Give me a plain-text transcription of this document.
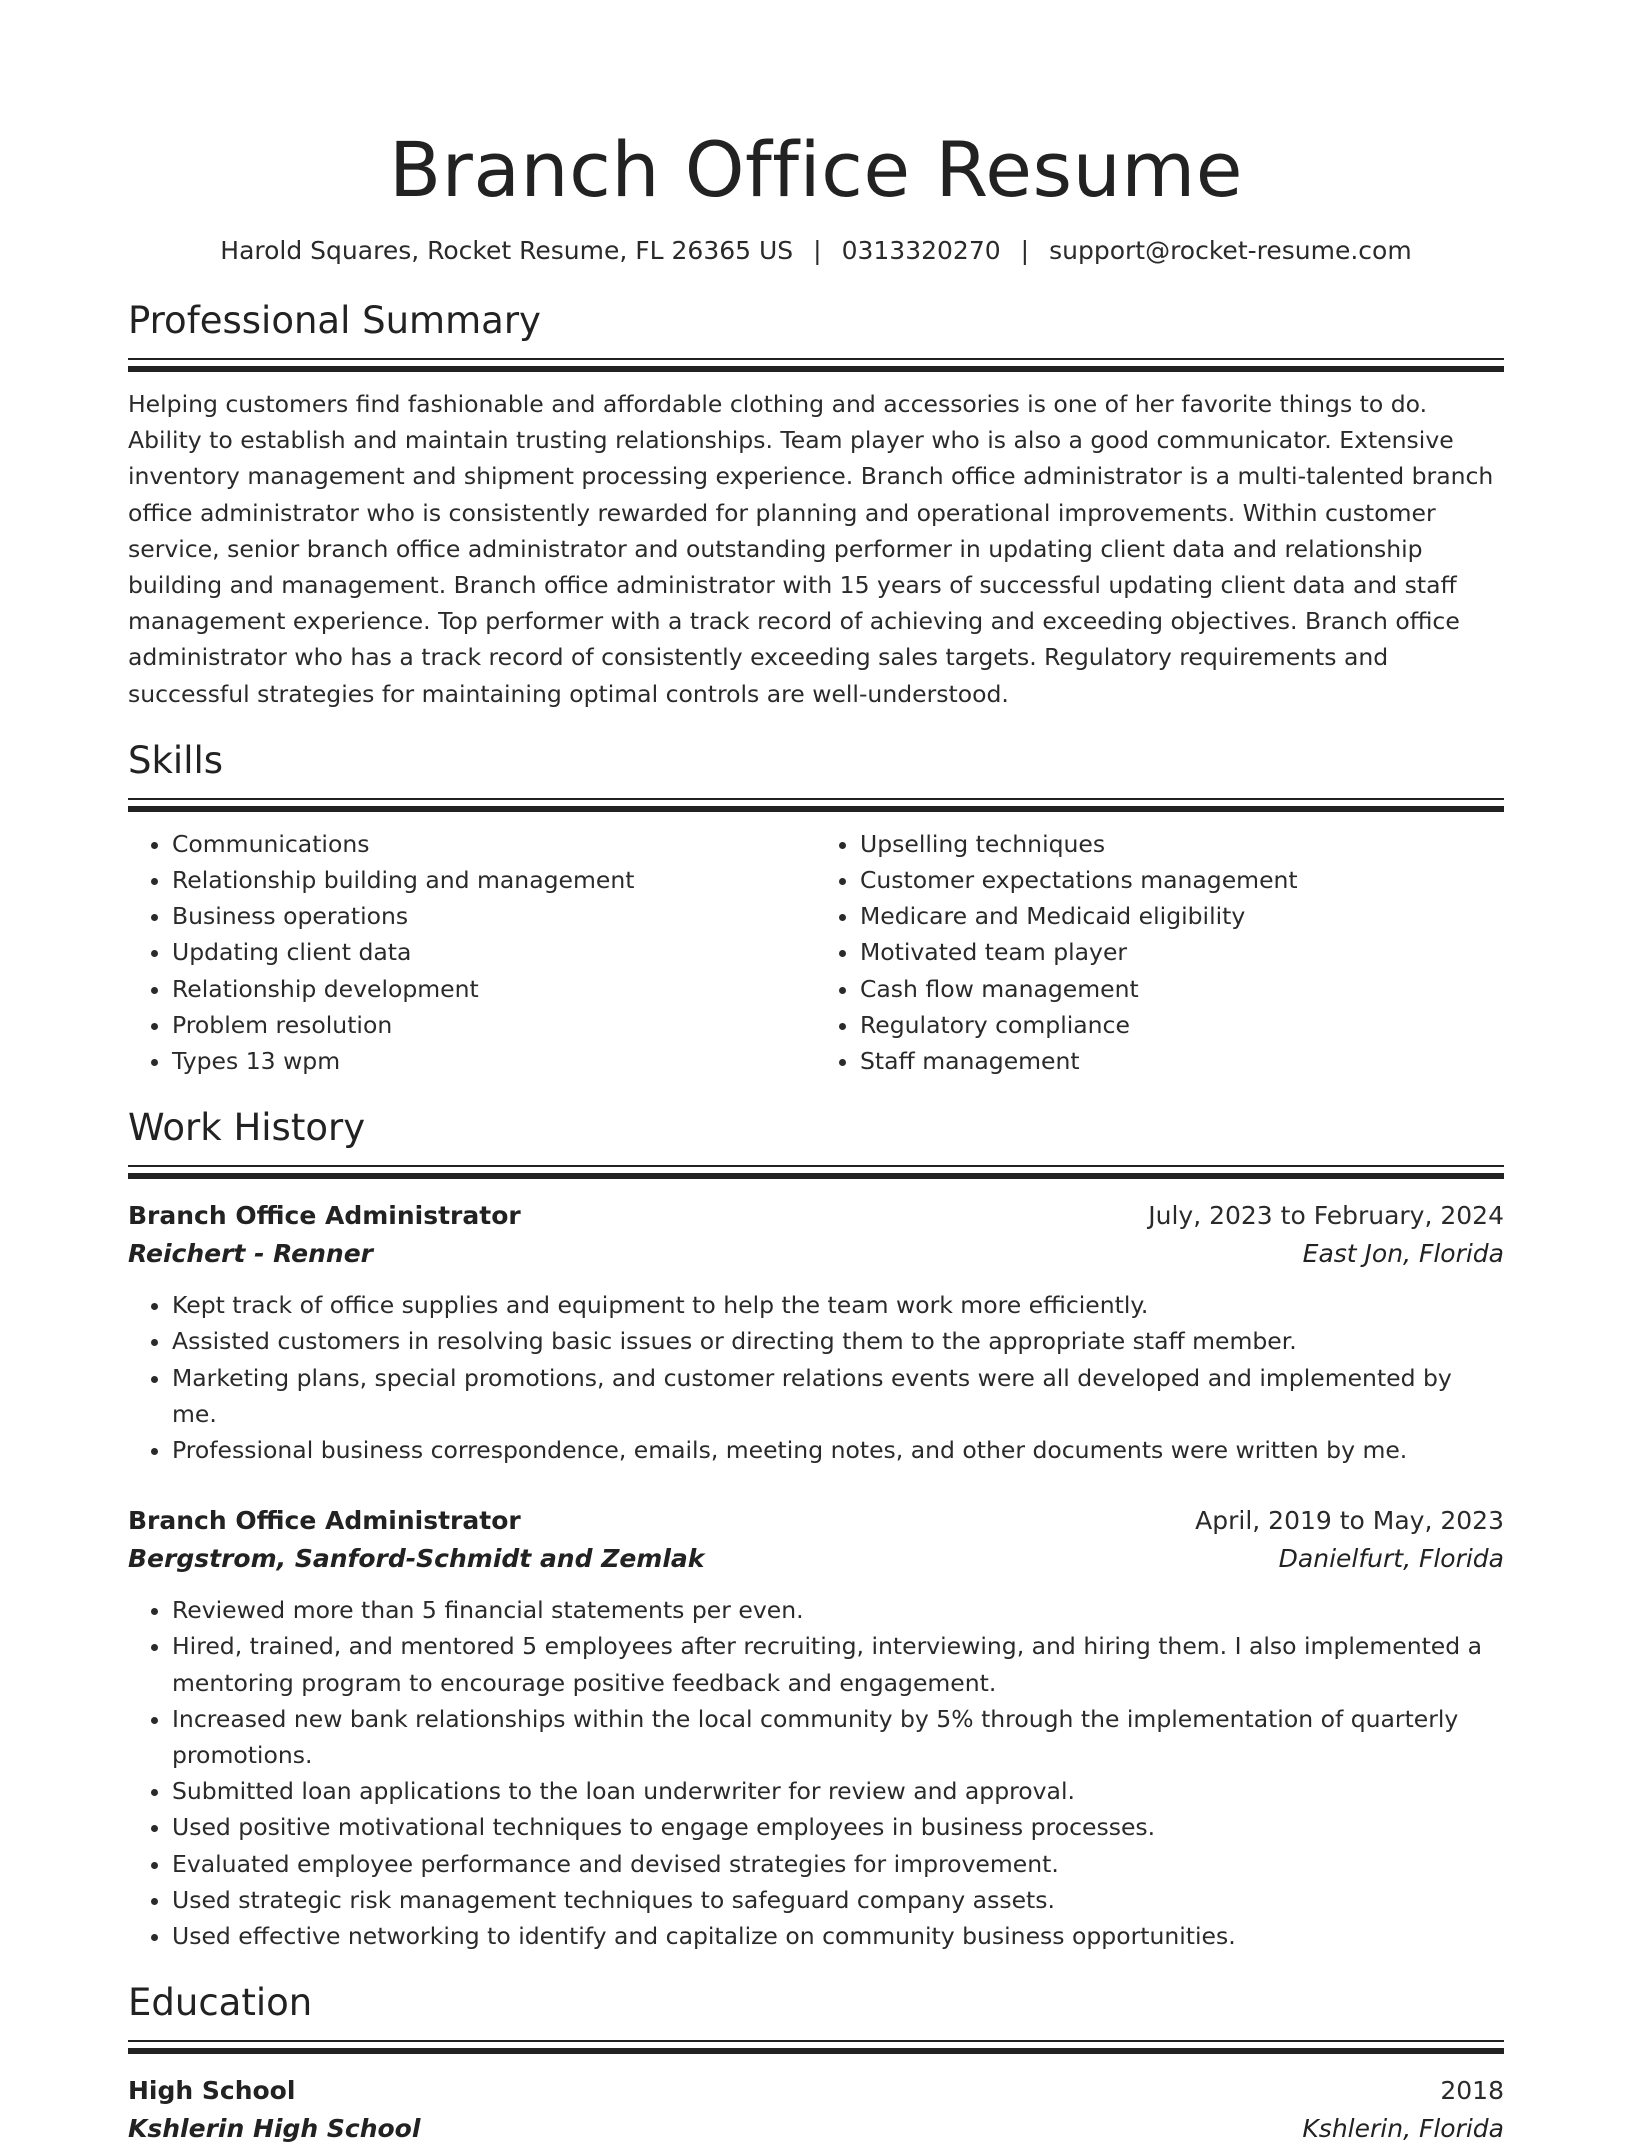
Branch Office Resume
Harold Squares, Rocket Resume, FL 26365 US | 0313320270 | support@rocket-resume.com
Professional Summary
Helping customers find fashionable and affordable clothing and accessories is one of her favorite things to do. Ability to establish and maintain trusting relationships. Team player who is also a good communicator. Extensive inventory management and shipment processing experience. Branch office administrator is a multi-talented branch office administrator who is consistently rewarded for planning and operational improvements. Within customer service, senior branch office administrator and outstanding performer in updating client data and relationship building and management. Branch office administrator with 15 years of successful updating client data and staff management experience. Top performer with a track record of achieving and exceeding objectives. Branch office administrator who has a track record of consistently exceeding sales targets. Regulatory requirements and successful strategies for maintaining optimal controls are well-understood.
Skills
• Communications
• Relationship building and management
• Business operations
• Updating client data
• Relationship development
• Problem resolution
• Types 13 wpm
• Upselling techniques
• Customer expectations management
• Medicare and Medicaid eligibility
• Motivated team player
• Cash flow management
• Regulatory compliance
• Staff management
Work History
Branch Office Administrator	July, 2023 to February, 2024
Reichert - Renner	East Jon, Florida
• Kept track of office supplies and equipment to help the team work more efficiently.
• Assisted customers in resolving basic issues or directing them to the appropriate staff member.
• Marketing plans, special promotions, and customer relations events were all developed and implemented by me.
• Professional business correspondence, emails, meeting notes, and other documents were written by me.
Branch Office Administrator	April, 2019 to May, 2023
Bergstrom, Sanford-Schmidt and Zemlak	Danielfurt, Florida
• Reviewed more than 5 financial statements per even.
• Hired, trained, and mentored 5 employees after recruiting, interviewing, and hiring them. I also implemented a mentoring program to encourage positive feedback and engagement.
• Increased new bank relationships within the local community by 5% through the implementation of quarterly promotions.
• Submitted loan applications to the loan underwriter for review and approval.
• Used positive motivational techniques to engage employees in business processes.
• Evaluated employee performance and devised strategies for improvement.
• Used strategic risk management techniques to safeguard company assets.
• Used effective networking to identify and capitalize on community business opportunities.
Education
High School	2018
Kshlerin High School	Kshlerin, Florida
